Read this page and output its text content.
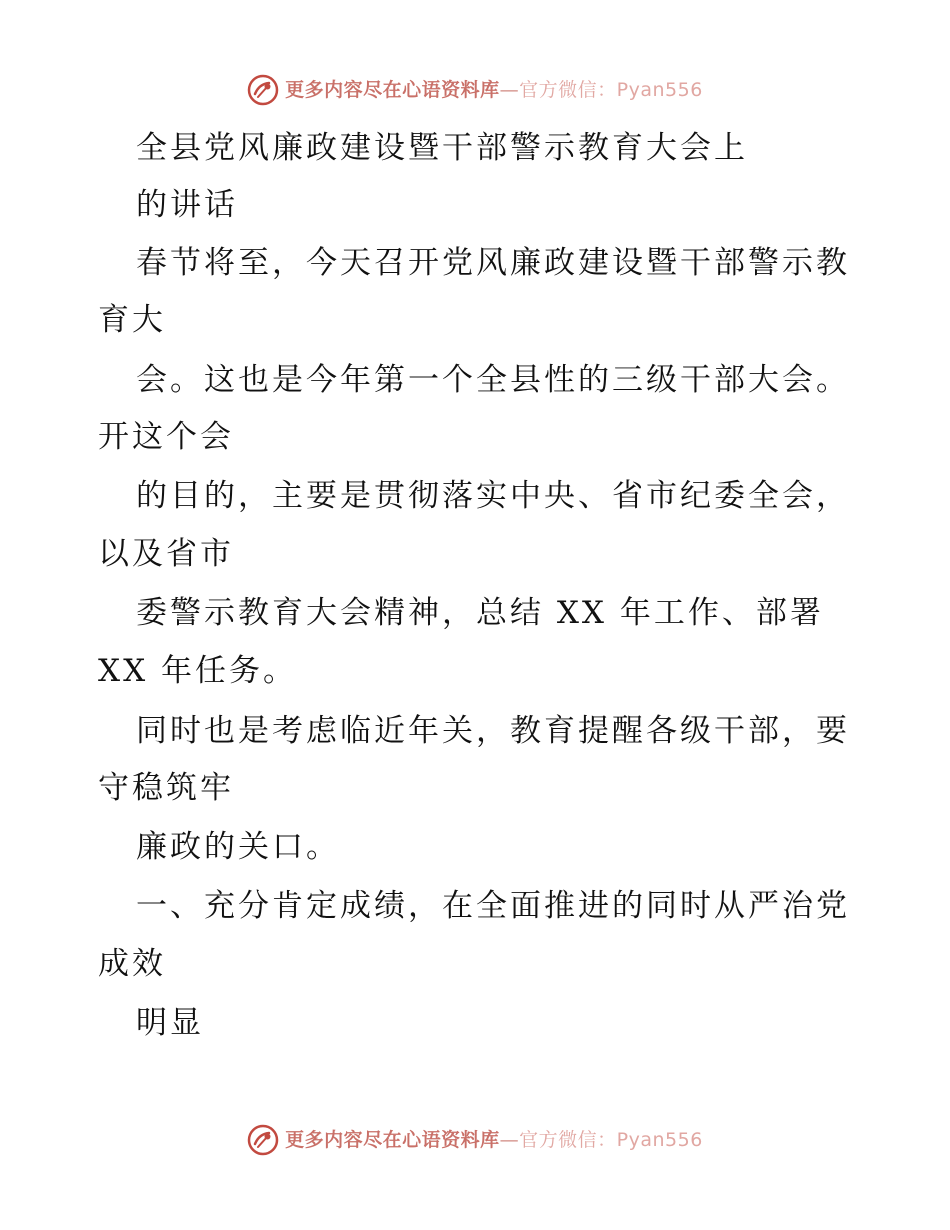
更多内容尽在心语资料库—官方微信：Pyan556
全县党风廉政建设暨干部警示教育大会上
的讲话
春节将至，今天召开党风廉政建设暨干部警示教
育大
会。这也是今年第一个全县性的三级干部大会。
开这个会
的目的，主要是贯彻落实中央、省市纪委全会，
以及省市
委警示教育大会精神，总结 XX 年工作、部署
XX 年任务。
同时也是考虑临近年关，教育提醒各级干部，要
守稳筑牢
廉政的关口。
一、充分肯定成绩，在全面推进的同时从严治党
成效
明显
更多内容尽在心语资料库—官方微信：Pyan556
